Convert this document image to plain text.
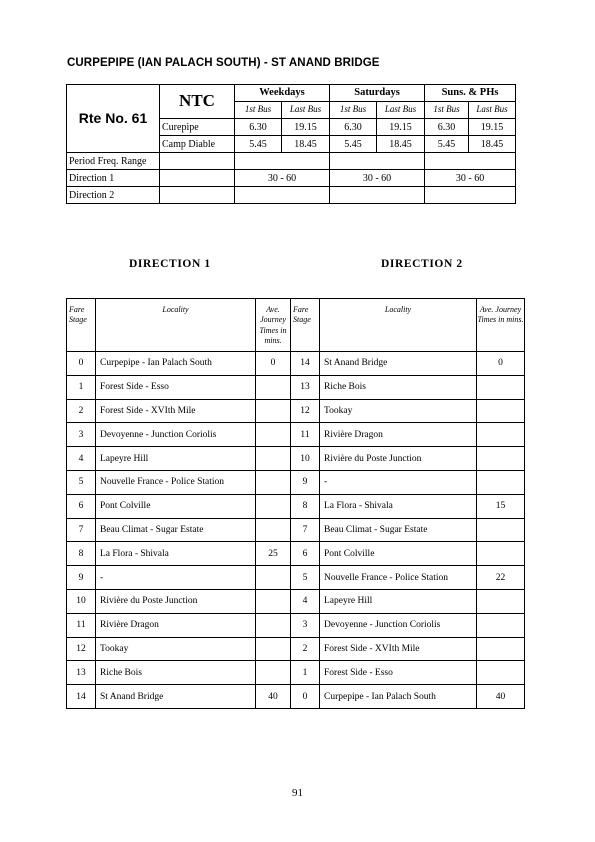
CURPEPIPE (IAN PALACH SOUTH) - ST ANAND BRIDGE
Rte No. 61	NTC	Weekdays		Saturdays		Suns. & PHs	
		1st Bus	Last Bus	1st Bus	Last Bus	1st Bus	Last Bus
	Curepipe	6.30	19.15	6.30	19.15	6.30	19.15
	Camp Diable	5.45	18.45	5.45	18.45	5.45	18.45
Period Freq. Range							
Direction 1		30 - 60		30 - 60		30 - 60	
Direction 2							
DIRECTION 1	DIRECTION 2
Fare Stage	Locality	Ave. Journey Times in mins.	Fare Stage	Locality	Ave. Journey Times in mins.
0	Curpepipe - Ian Palach South	0	14	St Anand Bridge	0
1	Forest Side - Esso		13	Riche Bois	
2	Forest Side - XVIth Mile		12	Tookay	
3	Devoyenne - Junction Coriolis		11	Rivière Dragon	
4	Lapeyre Hill		10	Rivière du Poste Junction	
5	Nouvelle France - Police Station		9	-	
6	Pont Colville		8	La Flora - Shivala	15
7	Beau Climat - Sugar Estate		7	Beau Climat - Sugar Estate	
8	La Flora - Shivala	25	6	Pont Colville	
9	-		5	Nouvelle France - Police Station	22
10	Rivière du Poste Junction		4	Lapeyre Hill	
11	Rivière Dragon		3	Devoyenne - Junction Coriolis	
12	Tookay		2	Forest Side - XVIth Mile	
13	Riche Bois		1	Forest Side - Esso	
14	St Anand Bridge	40	0	Curpepipe - Ian Palach South	40
91
